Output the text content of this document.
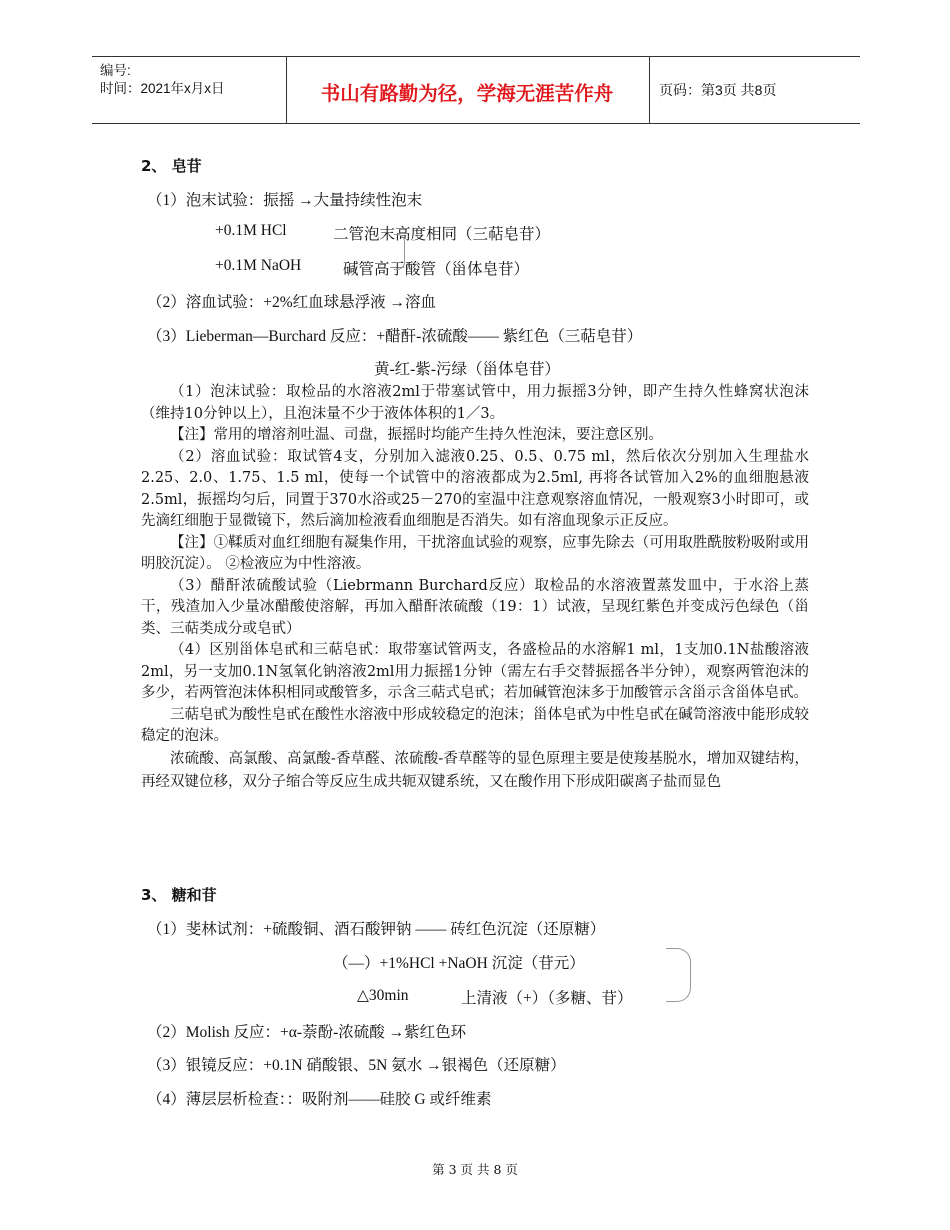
编号:
时间：2021年x月x日	书山有路勤为径，学海无涯苦作舟	页码：第3页 共8页
2、 皂苷
（1）泡末试验：振摇 →大量持续性泡末
+0.1M HCl	二管泡末高度相同（三萜皂苷）
+0.1M NaOH	碱管高于酸管（甾体皂苷）
（2）溶血试验：+2%红血球悬浮液 →溶血
（3）Lieberman—Burchard 反应：+醋酐-浓硫酸—— 紫红色（三萜皂苷）
黄-红-紫-污绿（甾体皂苷）

（1）泡沫试验：取检品的水溶液2ml于带塞试管中，用力振摇3分钟，即产生持久性蜂窝状泡沫（维持10分钟以上），且泡沫量不少于液体体积的1／3。

【注】常用的增溶剂吐温、司盘，振摇时均能产生持久性泡沫，要注意区别。

（2）溶血试验：取试管4支，分别加入滤液0.25、0.5、0.75 ml，然后依次分别加入生理盐水2.25、2.0、1.75、1.5 ml，使每一个试管中的溶液都成为2.5ml, 再将各试管加入2%的血细胞悬液2.5ml，振摇均匀后，同置于370水浴或25－270的室温中注意观察溶血情况，一般观察3小时即可，或先滴红细胞于显微镜下，然后滴加检液看血细胞是否消失。如有溶血现象示正反应。

【注】①鞣质对血红细胞有凝集作用，干扰溶血试验的观察，应事先除去（可用取胜酰胺粉吸附或用明胶沉淀）。 ②检液应为中性溶液。

（3）醋酐浓硫酸试验（Liebrmann Burchard反应）取检品的水溶液置蒸发皿中，于水浴上蒸干，残渣加入少量冰醋酸使溶解，再加入醋酐浓硫酸（19：1）试液，呈现红紫色并变成污色绿色（甾类、三萜类成分或皂甙）

（4）区别甾体皂甙和三萜皂甙：取带塞试管两支，各盛检品的水溶解1 ml，1支加0.1N盐酸溶液2ml，另一支加0.1N氢氧化钠溶液2ml用力振摇1分钟（需左右手交替振摇各半分钟），观察两管泡沫的多少，若两管泡沫体积相同或酸管多，示含三萜式皂甙；若加碱管泡沫多于加酸管示含甾示含甾体皂甙。

三萜皂甙为酸性皂甙在酸性水溶液中形成较稳定的泡沫；甾体皂甙为中性皂甙在碱笥溶液中能形成较稳定的泡沫。

浓硫酸、高氯酸、高氯酸-香草醛、浓硫酸-香草醛等的显色原理主要是使羧基脱水，增加双键结构，再经双键位移，双分子缩合等反应生成共轭双键系统，又在酸作用下形成阳碳离子盐而显色

3、 糖和苷
（1）斐林试剂：+硫酸铜、酒石酸钾钠 —— 砖红色沉淀（还原糖）
（—）+1%HCl +NaOH 沉淀（苷元）
△30min	上清液（+）（多糖、苷）
（2）Molish 反应：+α-萘酚-浓硫酸 →紫红色环
（3）银镜反应：+0.1N 硝酸银、5N 氨水 →银褐色（还原糖）
（4）薄层层析检查：：吸附剂——硅胶 G 或纤维素
第 3 页 共 8 页
